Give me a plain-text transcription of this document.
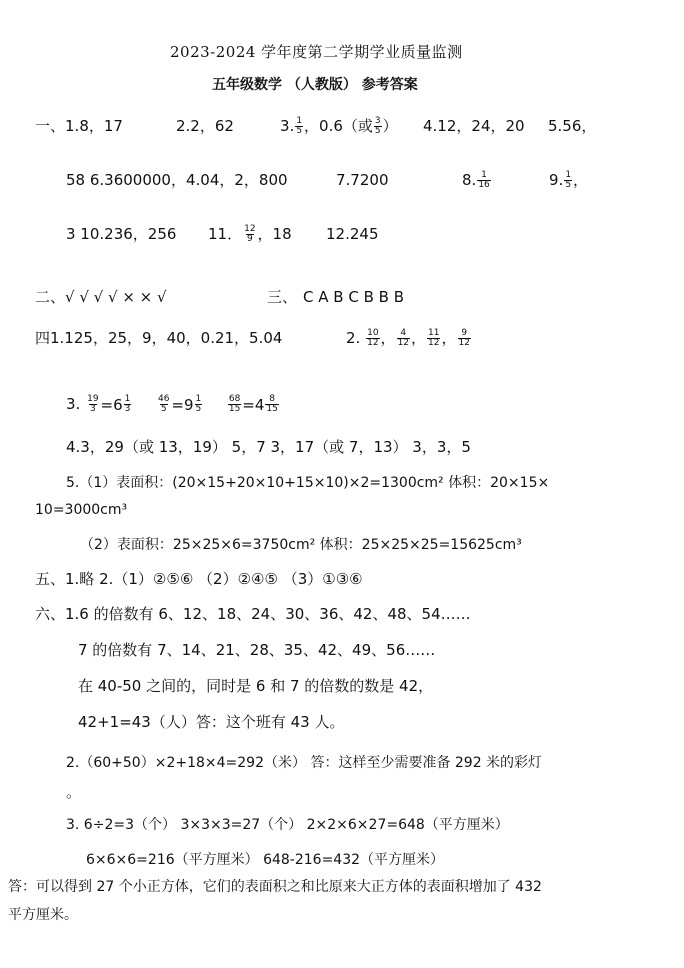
2023-2024 学年度第二学期学业质量监测
五年级数学 （人教版） 参考答案
一、1.8，17	2.2，62	3. $\frac{1}{5}$ ，0.6（或 $\frac{3}{5}$ ） 4.12，24，20 5.56，
58 6.3600000，4.04，2，800	7.7200	8. $\frac{1}{16}$	9. $\frac{1}{5}$ ，
3 10.236，256 11． $\frac{12}{9}$ ，18 12.245
二、√ √ √ √ × × √	三、 C A B C B B B
四1.125，25，9，40，0.21，5.04	2. $\frac{10}{12}$ ， $\frac{4}{12}$ ， $\frac{11}{12}$ ， $\frac{9}{12}$
3. $\frac{19}{3} =6 \frac{1}{3}$
	$\frac{46}{5} =9 \frac{1}{5}$
	$\frac{68}{15} =4 \frac{8}{15}$
4.3，29（或 13，19） 5，7 3，17（或 7，13） 3，3，5
5.（1）表面积：(20×15+20×10+15×10)×2=1300cm² 体积：20×15×
10=3000cm³
（2）表面积：25×25×6=3750cm² 体积：25×25×25=15625cm³
五、1.略 2.（1）②⑤⑥ （2）②④⑤ （3）①③⑥
六、1.6 的倍数有 6、12、18、24、30、36、42、48、54……
7 的倍数有 7、14、21、28、35、42、49、56……
在 40-50 之间的，同时是 6 和 7 的倍数的数是 42，
42+1=43（人）答：这个班有 43 人。
2.（60+50）×2+18×4=292（米） 答：这样至少需要准备 292 米的彩灯
。
3. 6÷2=3（个） 3×3×3=27（个） 2×2×6×27=648（平方厘米）
6×6×6=216（平方厘米） 648-216=432（平方厘米）
答：可以得到 27 个小正方体，它们的表面积之和比原来大正方体的表面积增加了 432
平方厘米。
